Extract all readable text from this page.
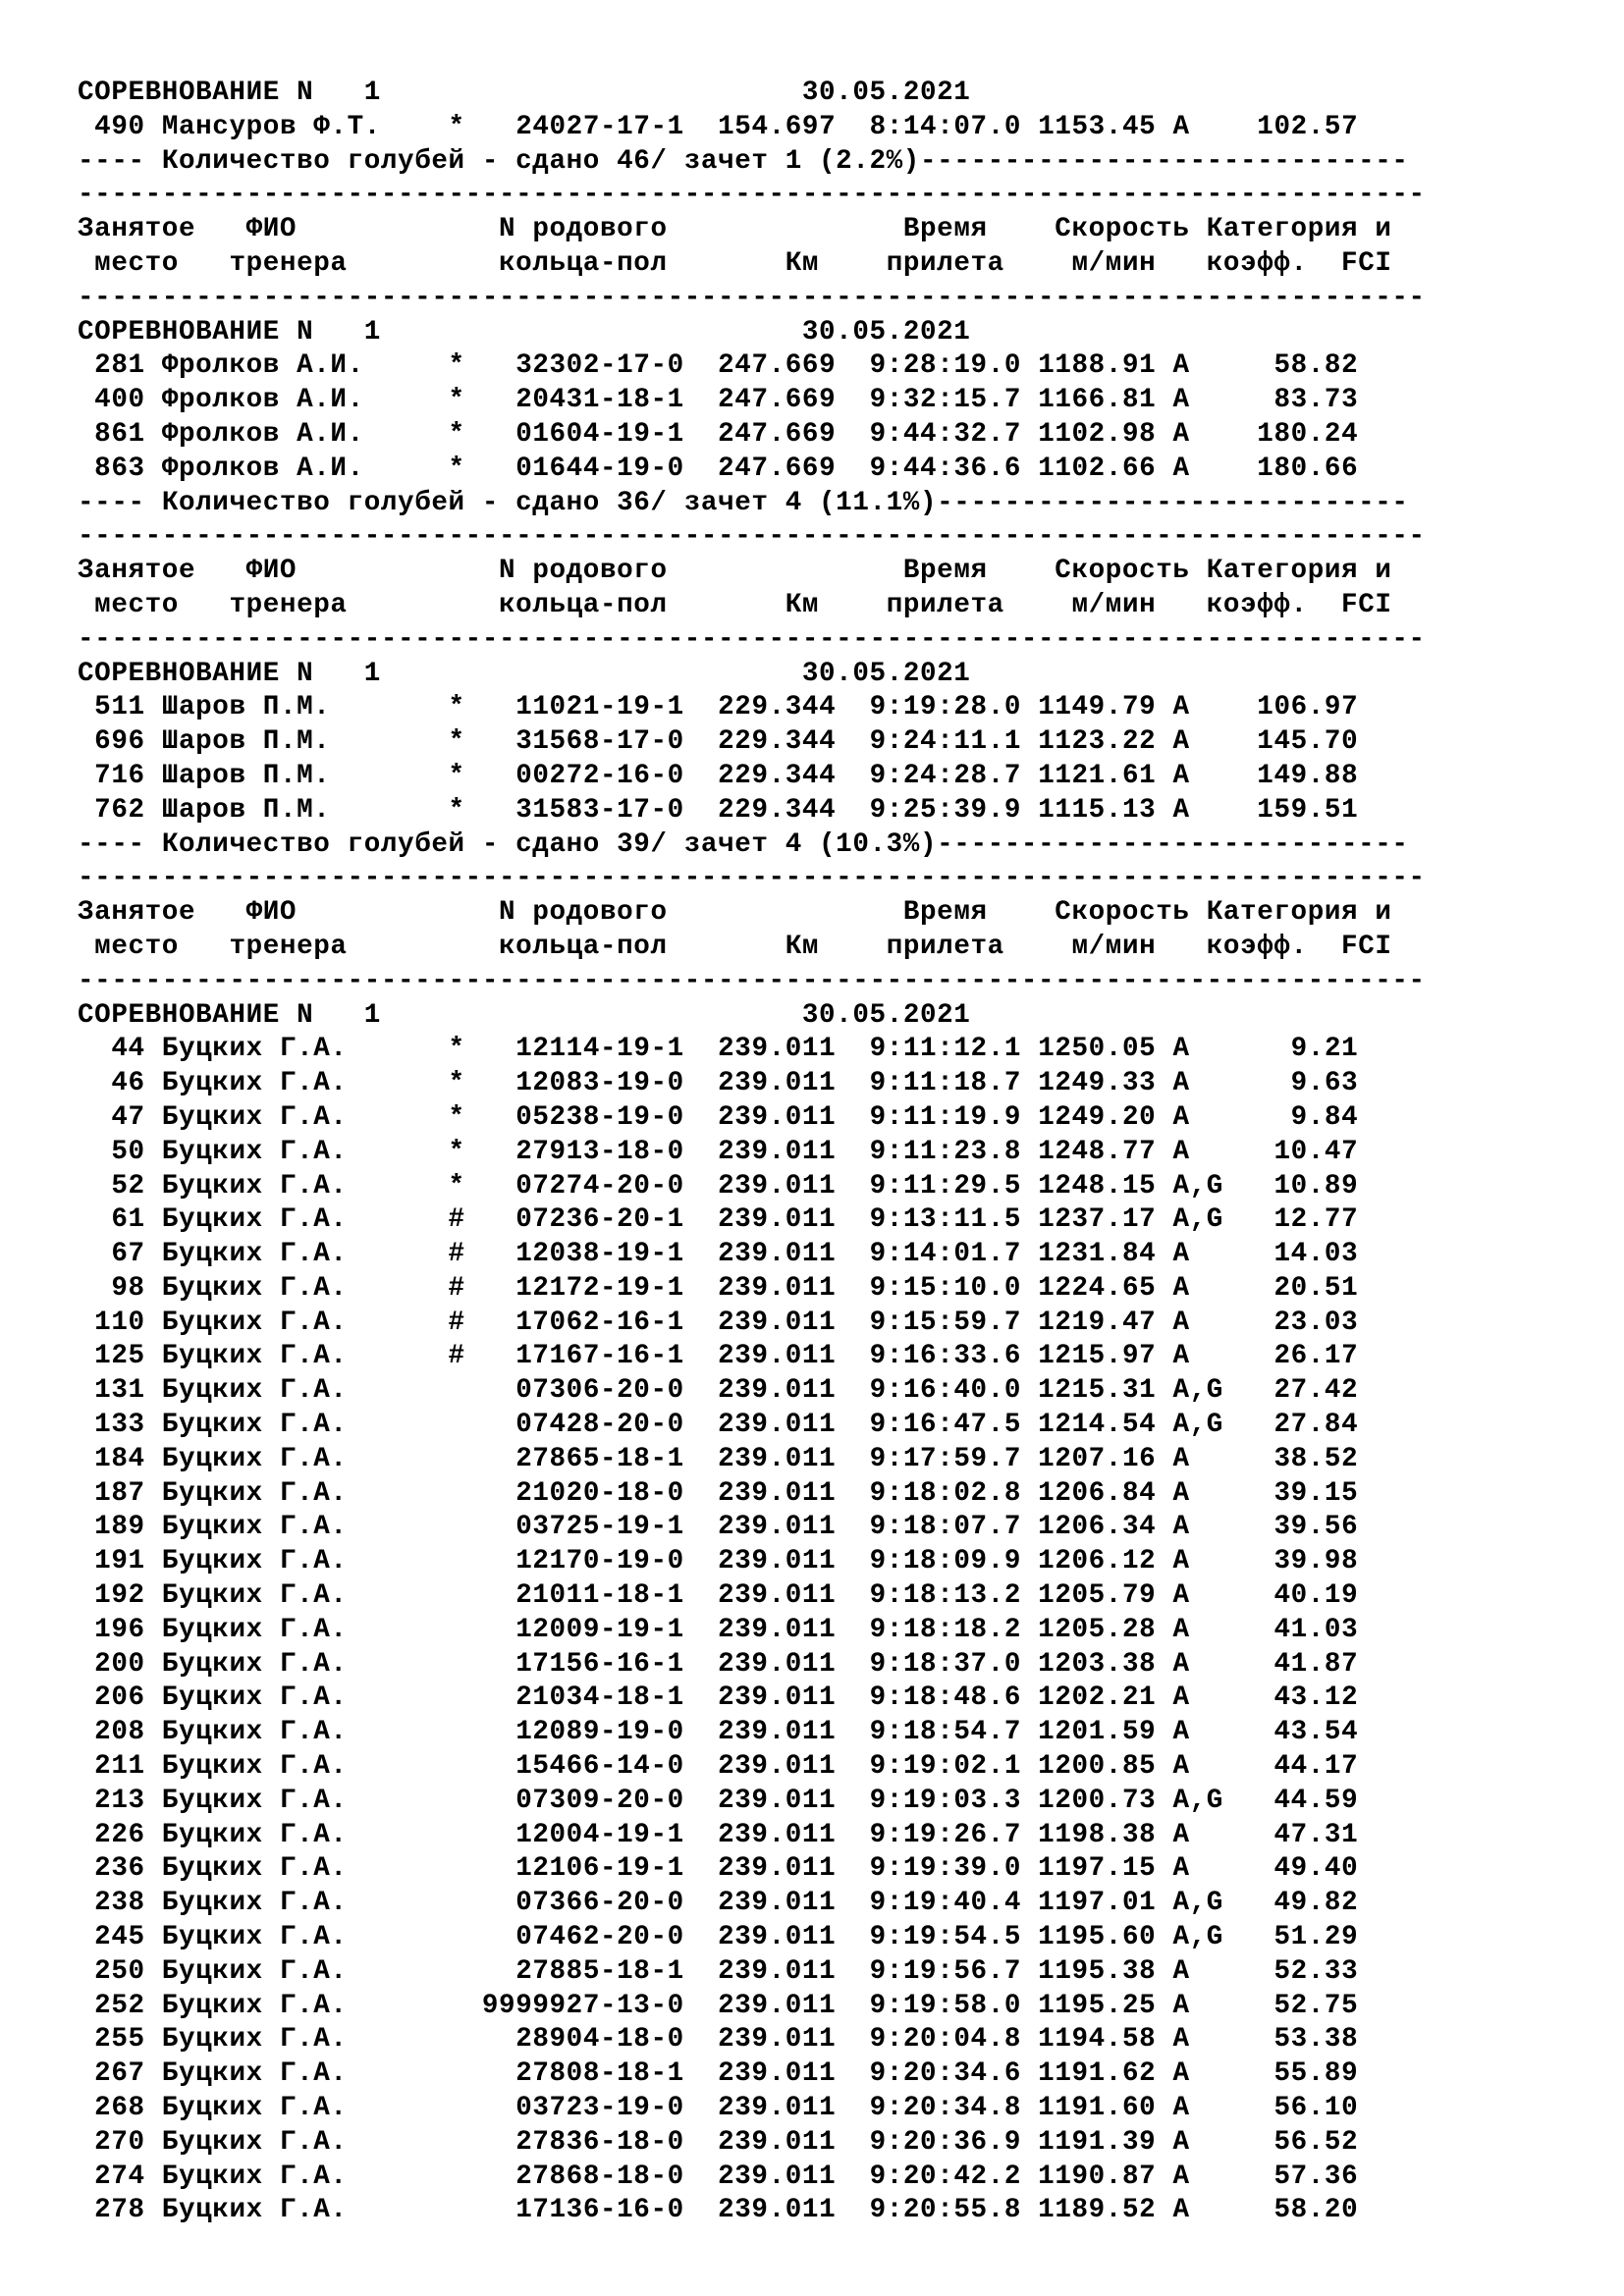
СОРЕВНОВАНИЕ N   1	30.05.2021
490 Мансуров Ф.Т. * 24027-17-1 154.697 8:14:07.0 1153.45 A 102.57
---- Количество голубей - сдано 46/ зачет 1 (2.2%)-----------------------------
--------------------------------------------------------------------------------
Занятое ФИО	N родового	Время Скорость Категория и
место тренера	кольца-пол	Км прилета м/мин коэфф. FCI
--------------------------------------------------------------------------------
СОРЕВНОВАНИЕ N   1	30.05.2021
281 Фролков А.И.	* 32302-17-0 247.669 9:28:19.0 1188.91 A	58.82
400 Фролков А.И.	* 20431-18-1 247.669 9:32:15.7 1166.81 A	83.73
861 Фролков А.И.	* 01604-19-1 247.669 9:44:32.7 1102.98 A 180.24
863 Фролков А.И.	* 01644-19-0 247.669 9:44:36.6 1102.66 A 180.66
---- Количество голубей - сдано 36/ зачет 4 (11.1%)----------------------------
--------------------------------------------------------------------------------
Занятое ФИО	N родового	Время Скорость Категория и
место тренера	кольца-пол	Км прилета м/мин коэфф. FCI
--------------------------------------------------------------------------------
СОРЕВНОВАНИЕ N   1	30.05.2021
511 Шаров П.М.	* 11021-19-1 229.344 9:19:28.0 1149.79 A 106.97
696 Шаров П.М.	* 31568-17-0 229.344 9:24:11.1 1123.22 A 145.70
716 Шаров П.М.	* 00272-16-0 229.344 9:24:28.7 1121.61 A 149.88
762 Шаров П.М.	* 31583-17-0 229.344 9:25:39.9 1115.13 A 159.51
---- Количество голубей - сдано 39/ зачет 4 (10.3%)----------------------------
--------------------------------------------------------------------------------
Занятое ФИО	N родового	Время Скорость Категория и
место тренера	кольца-пол	Км прилета м/мин коэфф. FCI
--------------------------------------------------------------------------------
СОРЕВНОВАНИЕ N   1	30.05.2021
44 Буцких Г.А.	* 12114-19-1 239.011 9:11:12.1 1250.05 A	9.21
46 Буцких Г.А.	* 12083-19-0 239.011 9:11:18.7 1249.33 A	9.63
47 Буцких Г.А.	* 05238-19-0 239.011 9:11:19.9 1249.20 A	9.84
50 Буцких Г.А.	* 27913-18-0 239.011 9:11:23.8 1248.77 A	10.47
52 Буцких Г.А.	* 07274-20-0 239.011 9:11:29.5 1248.15 A,G 10.89
61 Буцких Г.А.	# 07236-20-1 239.011 9:13:11.5 1237.17 A,G 12.77
67 Буцких Г.А.	# 12038-19-1 239.011 9:14:01.7 1231.84 A	14.03
98 Буцких Г.А.	# 12172-19-1 239.011 9:15:10.0 1224.65 A	20.51
110 Буцких Г.А.	# 17062-16-1 239.011 9:15:59.7 1219.47 A	23.03
125 Буцких Г.А.	# 17167-16-1 239.011 9:16:33.6 1215.97 A	26.17
131 Буцких Г.А.	07306-20-0 239.011 9:16:40.0 1215.31 A,G 27.42
133 Буцких Г.А.	07428-20-0 239.011 9:16:47.5 1214.54 A,G 27.84
184 Буцких Г.А.	27865-18-1 239.011 9:17:59.7 1207.16 A	38.52
187 Буцких Г.А.	21020-18-0 239.011 9:18:02.8 1206.84 A	39.15
189 Буцких Г.А.	03725-19-1 239.011 9:18:07.7 1206.34 A	39.56
191 Буцких Г.А.	12170-19-0 239.011 9:18:09.9 1206.12 A	39.98
192 Буцких Г.А.	21011-18-1 239.011 9:18:13.2 1205.79 A	40.19
196 Буцких Г.А.	12009-19-1 239.011 9:18:18.2 1205.28 A	41.03
200 Буцких Г.А.	17156-16-1 239.011 9:18:37.0 1203.38 A	41.87
206 Буцких Г.А.	21034-18-1 239.011 9:18:48.6 1202.21 A	43.12
208 Буцких Г.А.	12089-19-0 239.011 9:18:54.7 1201.59 A	43.54
211 Буцких Г.А.	15466-14-0 239.011 9:19:02.1 1200.85 A	44.17
213 Буцких Г.А.	07309-20-0 239.011 9:19:03.3 1200.73 A,G 44.59
226 Буцких Г.А.	12004-19-1 239.011 9:19:26.7 1198.38 A	47.31
236 Буцких Г.А.	12106-19-1 239.011 9:19:39.0 1197.15 A	49.40
238 Буцких Г.А.	07366-20-0 239.011 9:19:40.4 1197.01 A,G 49.82
245 Буцких Г.А.	07462-20-0 239.011 9:19:54.5 1195.60 A,G 51.29
250 Буцких Г.А.	27885-18-1 239.011 9:19:56.7 1195.38 A	52.33
252 Буцких Г.А.	9999927-13-0 239.011 9:19:58.0 1195.25 A	52.75
255 Буцких Г.А.	28904-18-0 239.011 9:20:04.8 1194.58 A	53.38
267 Буцких Г.А.	27808-18-1 239.011 9:20:34.6 1191.62 A	55.89
268 Буцких Г.А.	03723-19-0 239.011 9:20:34.8 1191.60 A	56.10
270 Буцких Г.А.	27836-18-0 239.011 9:20:36.9 1191.39 A	56.52
274 Буцких Г.А.	27868-18-0 239.011 9:20:42.2 1190.87 A	57.36
278 Буцких Г.А.	17136-16-0 239.011 9:20:55.8 1189.52 A	58.20
